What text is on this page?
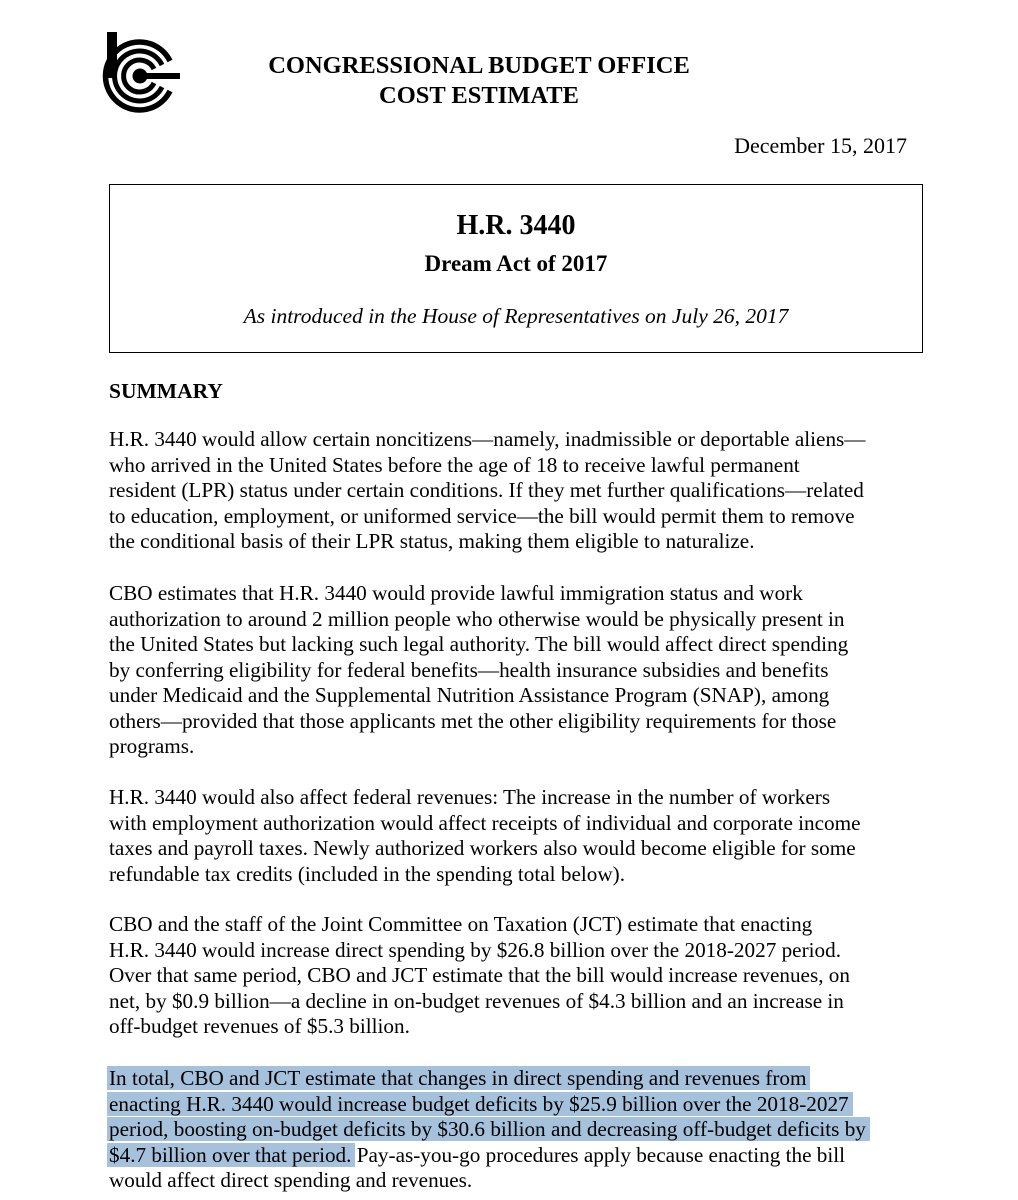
CONGRESSIONAL BUDGET OFFICE
COST ESTIMATE
December 15, 2017
H.R. 3440
Dream Act of 2017
As introduced in the House of Representatives on July 26, 2017
SUMMARY

H.R. 3440 would allow certain noncitizens—namely, inadmissible or deportable aliens—
who arrived in the United States before the age of 18 to receive lawful permanent
resident (LPR) status under certain conditions. If they met further qualifications—related
to education, employment, or uniformed service—the bill would permit them to remove
the conditional basis of their LPR status, making them eligible to naturalize.

CBO estimates that H.R. 3440 would provide lawful immigration status and work
authorization to around 2 million people who otherwise would be physically present in
the United States but lacking such legal authority. The bill would affect direct spending
by conferring eligibility for federal benefits—health insurance subsidies and benefits
under Medicaid and the Supplemental Nutrition Assistance Program (SNAP), among
others—provided that those applicants met the other eligibility requirements for those
programs.

H.R. 3440 would also affect federal revenues: The increase in the number of workers
with employment authorization would affect receipts of individual and corporate income
taxes and payroll taxes. Newly authorized workers also would become eligible for some
refundable tax credits (included in the spending total below).

CBO and the staff of the Joint Committee on Taxation (JCT) estimate that enacting
H.R. 3440 would increase direct spending by $26.8 billion over the 2018-2027 period.
Over that same period, CBO and JCT estimate that the bill would increase revenues, on
net, by $0.9 billion—a decline in on-budget revenues of $4.3 billion and an increase in
off-budget revenues of $5.3 billion.

In total, CBO and JCT estimate that changes in direct spending and revenues from
enacting H.R. 3440 would increase budget deficits by $25.9 billion over the 2018-2027
period, boosting on-budget deficits by $30.6 billion and decreasing off-budget deficits by
$4.7 billion over that period. Pay-as-you-go procedures apply because enacting the bill
would affect direct spending and revenues.
